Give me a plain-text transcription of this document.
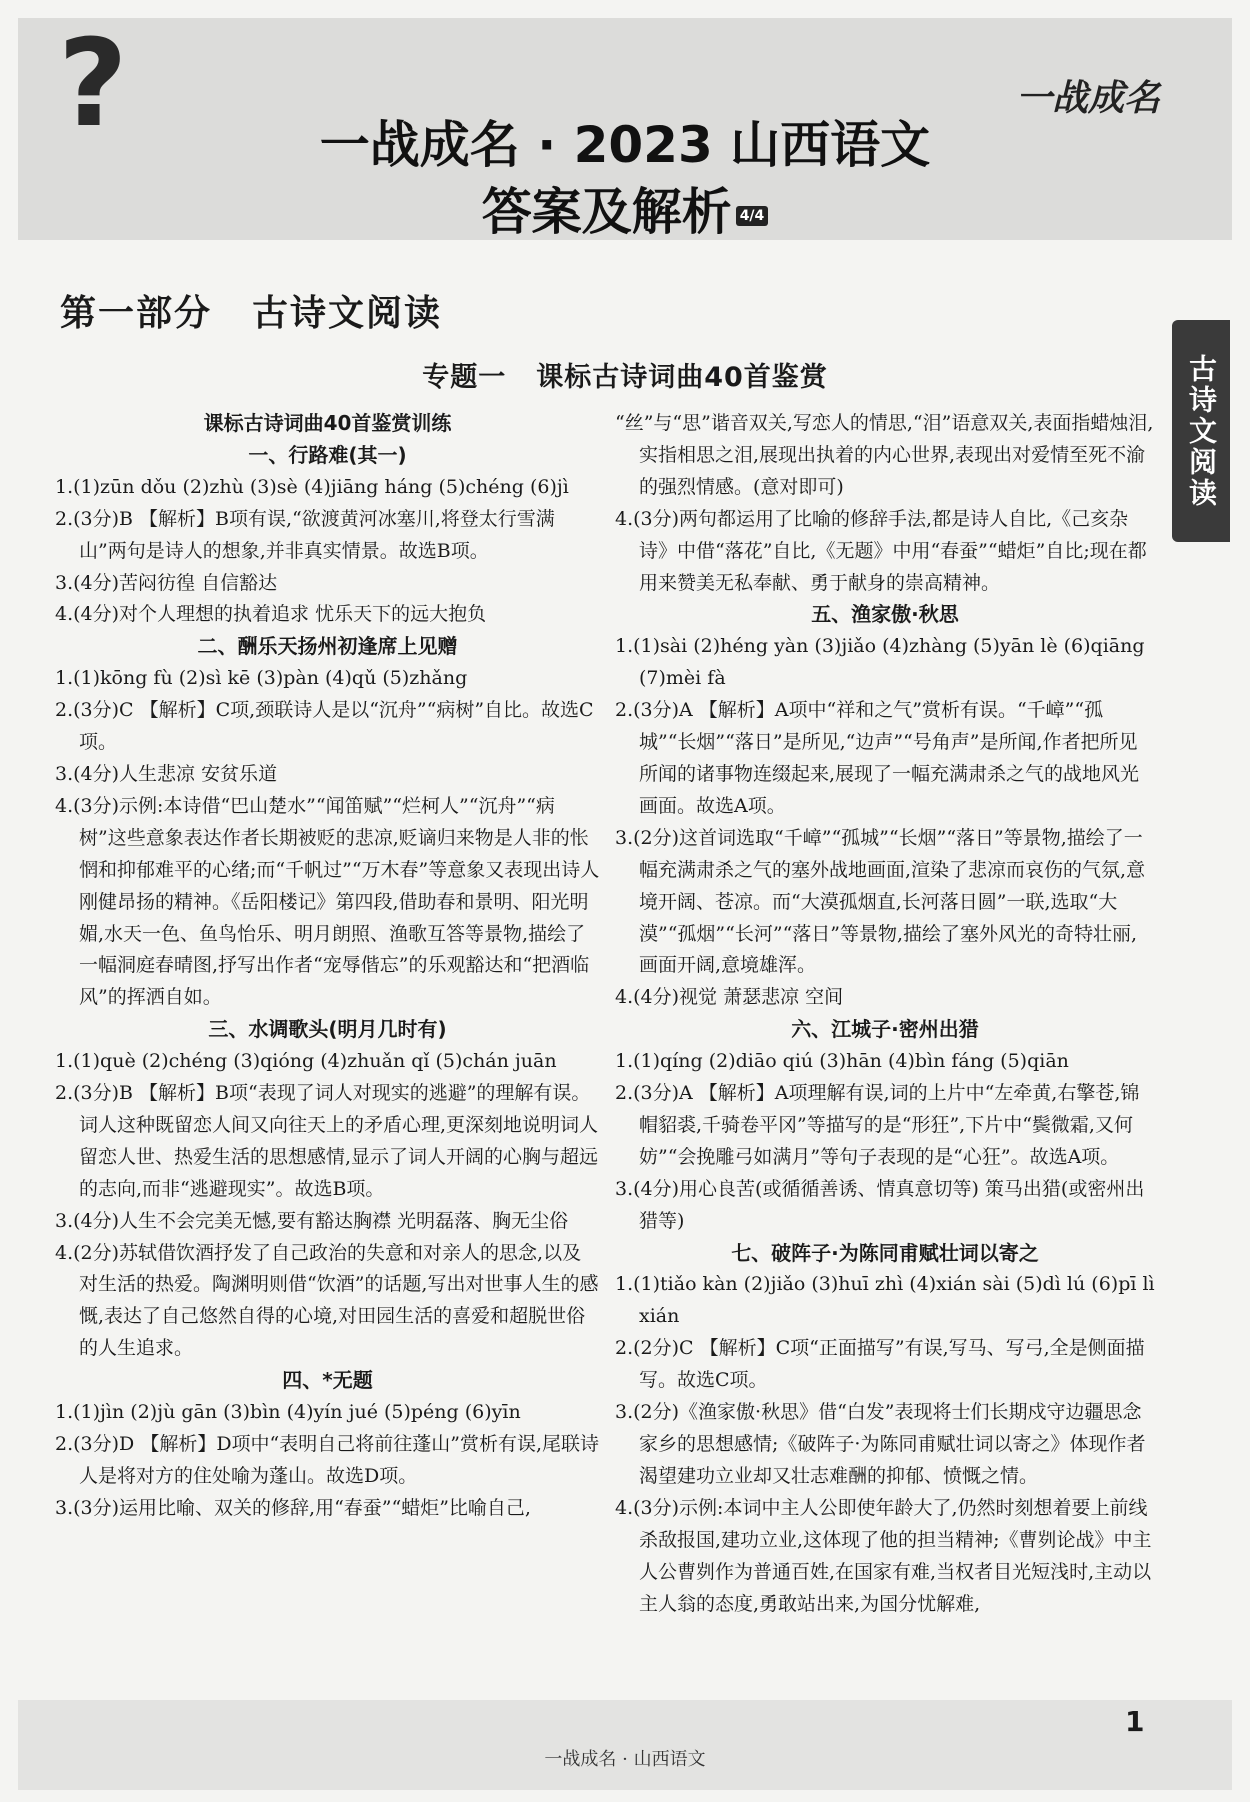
?	一战成名
一战成名 · 2023 山西语文
答案及解析 4/4
第一部分 古诗文阅读
专题一 课标古诗词曲40首鉴赏	古诗文阅读
课标古诗词曲40首鉴赏训练
一、行路难(其一)
1.(1)zūn dǒu (2)zhù (3)sè (4)jiāng háng (5)chéng (6)jì
2.(3分)B 【解析】B项有误,“欲渡黄河冰塞川,将登太行雪满山”两句是诗人的想象,并非真实情景。故选B项。
3.(4分)苦闷彷徨 自信豁达
4.(4分)对个人理想的执着追求 忧乐天下的远大抱负
二、酬乐天扬州初逢席上见赠
1.(1)kōng fù (2)sì kē (3)pàn (4)qǔ (5)zhǎng
2.(3分)C 【解析】C项,颈联诗人是以“沉舟”“病树”自比。故选C项。
3.(4分)人生悲凉 安贫乐道
4.(3分)示例:本诗借“巴山楚水”“闻笛赋”“烂柯人”“沉舟”“病树”这些意象表达作者长期被贬的悲凉,贬谪归来物是人非的怅惘和抑郁难平的心绪;而“千帆过”“万木春”等意象又表现出诗人刚健昂扬的精神。《岳阳楼记》第四段,借助春和景明、阳光明媚,水天一色、鱼鸟怡乐、明月朗照、渔歌互答等景物,描绘了一幅洞庭春晴图,抒写出作者“宠辱偕忘”的乐观豁达和“把酒临风”的挥洒自如。
三、水调歌头(明月几时有)
1.(1)què (2)chéng (3)qióng (4)zhuǎn qǐ (5)chán juān
2.(3分)B 【解析】B项“表现了词人对现实的逃避”的理解有误。词人这种既留恋人间又向往天上的矛盾心理,更深刻地说明词人留恋人世、热爱生活的思想感情,显示了词人开阔的心胸与超远的志向,而非“逃避现实”。故选B项。
3.(4分)人生不会完美无憾,要有豁达胸襟 光明磊落、胸无尘俗
4.(2分)苏轼借饮酒抒发了自己政治的失意和对亲人的思念,以及对生活的热爱。陶渊明则借“饮酒”的话题,写出对世事人生的感慨,表达了自己悠然自得的心境,对田园生活的喜爱和超脱世俗的人生追求。
四、*无题
1.(1)jìn (2)jù gān (3)bìn (4)yín jué (5)péng (6)yīn
2.(3分)D 【解析】D项中“表明自己将前往蓬山”赏析有误,尾联诗人是将对方的住处喻为蓬山。故选D项。
3.(3分)运用比喻、双关的修辞,用“春蚕”“蜡炬”比喻自己,
“丝”与“思”谐音双关,写恋人的情思,“泪”语意双关,表面指蜡烛泪,实指相思之泪,展现出执着的内心世界,表现出对爱情至死不渝的强烈情感。(意对即可)
4.(3分)两句都运用了比喻的修辞手法,都是诗人自比,《己亥杂诗》中借“落花”自比,《无题》中用“春蚕”“蜡炬”自比;现在都用来赞美无私奉献、勇于献身的崇高精神。
五、渔家傲·秋思
1.(1)sài (2)héng yàn (3)jiǎo (4)zhàng (5)yān lè (6)qiāng (7)mèi fà
2.(3分)A 【解析】A项中“祥和之气”赏析有误。“千嶂”“孤城”“长烟”“落日”是所见,“边声”“号角声”是所闻,作者把所见所闻的诸事物连缀起来,展现了一幅充满肃杀之气的战地风光画面。故选A项。
3.(2分)这首词选取“千嶂”“孤城”“长烟”“落日”等景物,描绘了一幅充满肃杀之气的塞外战地画面,渲染了悲凉而哀伤的气氛,意境开阔、苍凉。而“大漠孤烟直,长河落日圆”一联,选取“大漠”“孤烟”“长河”“落日”等景物,描绘了塞外风光的奇特壮丽,画面开阔,意境雄浑。
4.(4分)视觉 萧瑟悲凉 空间
六、江城子·密州出猎
1.(1)qíng (2)diāo qiú (3)hān (4)bìn fáng (5)qiān
2.(3分)A 【解析】A项理解有误,词的上片中“左牵黄,右擎苍,锦帽貂裘,千骑卷平冈”等描写的是“形狂”,下片中“鬓微霜,又何妨”“会挽雕弓如满月”等句子表现的是“心狂”。故选A项。
3.(4分)用心良苦(或循循善诱、情真意切等) 策马出猎(或密州出猎等)
七、破阵子·为陈同甫赋壮词以寄之
1.(1)tiǎo kàn (2)jiǎo (3)huī zhì (4)xián sài (5)dì lú (6)pī lì xián
2.(2分)C 【解析】C项“正面描写”有误,写马、写弓,全是侧面描写。故选C项。
3.(2分)《渔家傲·秋思》借“白发”表现将士们长期戍守边疆思念家乡的思想感情;《破阵子·为陈同甫赋壮词以寄之》体现作者渴望建功立业却又壮志难酬的抑郁、愤慨之情。
4.(3分)示例:本词中主人公即使年龄大了,仍然时刻想着要上前线杀敌报国,建功立业,这体现了他的担当精神;《曹刿论战》中主人公曹刿作为普通百姓,在国家有难,当权者目光短浅时,主动以主人翁的态度,勇敢站出来,为国分忧解难,
一战成名 · 山西语文
1
